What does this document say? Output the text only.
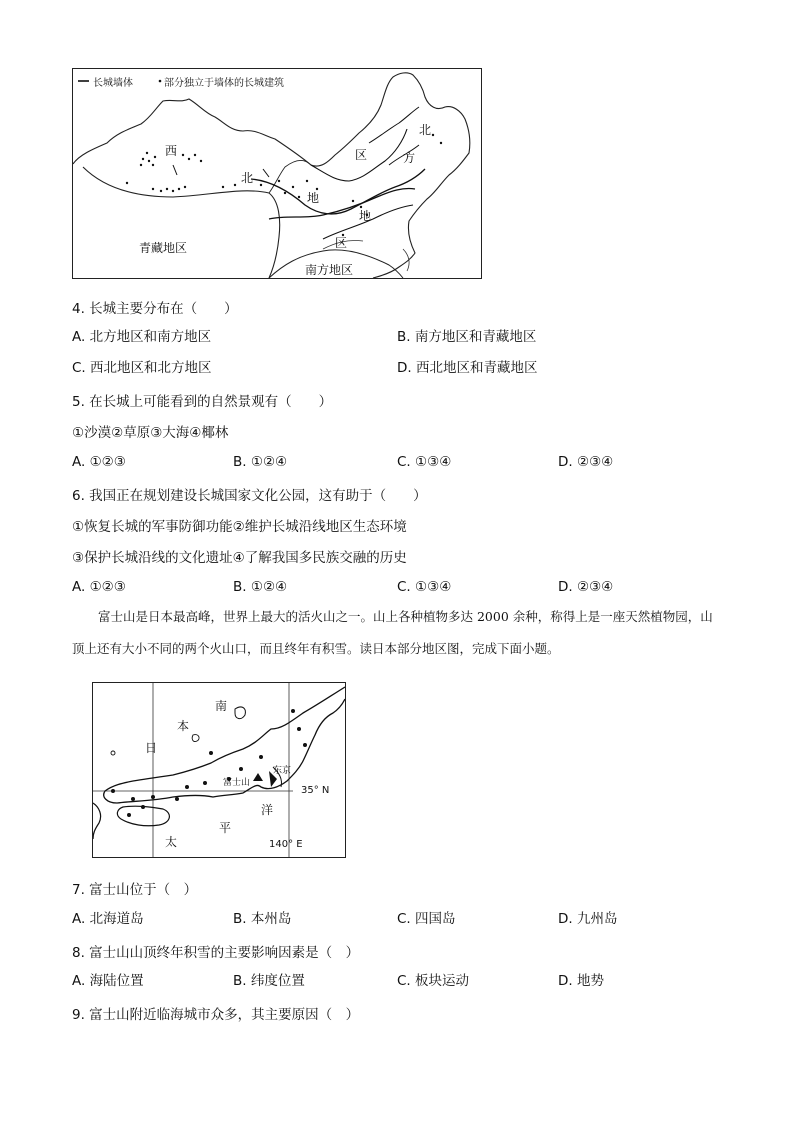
长城墙体	部分独立于墙体的长城建筑
西
北
地
地
区
区
北
方
青藏地区
南方地区
4. 长城主要分布在（　　）
A. 北方地区和南方地区	B. 南方地区和青藏地区
C. 西北地区和北方地区	D. 西北地区和青藏地区
5. 在长城上可能看到的自然景观有（　　）
①沙漠②草原③大海④椰林
A. ①②③	B. ①②④	C. ①③④	D. ②③④
6. 我国正在规划建设长城国家文化公园，这有助于（　　）
①恢复长城的军事防御功能②维护长城沿线地区生态环境
③保护长城沿线的文化遗址④了解我国多民族交融的历史
A. ①②③	B. ①②④	C. ①③④	D. ②③④
富士山是日本最高峰，世界上最大的活火山之一。山上各种植物多达 2000 余种，称得上是一座天然植物园，山顶上还有大小不同的两个火山口，而且终年有积雪。读日本部分地区图，完成下面小题。
南
本
日
富士山
东京
35° N
洋
平
太	140° E
7. 富士山位于（　）
A. 北海道岛	B. 本州岛	C. 四国岛	D. 九州岛
8. 富士山山顶终年积雪的主要影响因素是（　）
A. 海陆位置	B. 纬度位置	C. 板块运动	D. 地势
9. 富士山附近临海城市众多，其主要原因（　）
